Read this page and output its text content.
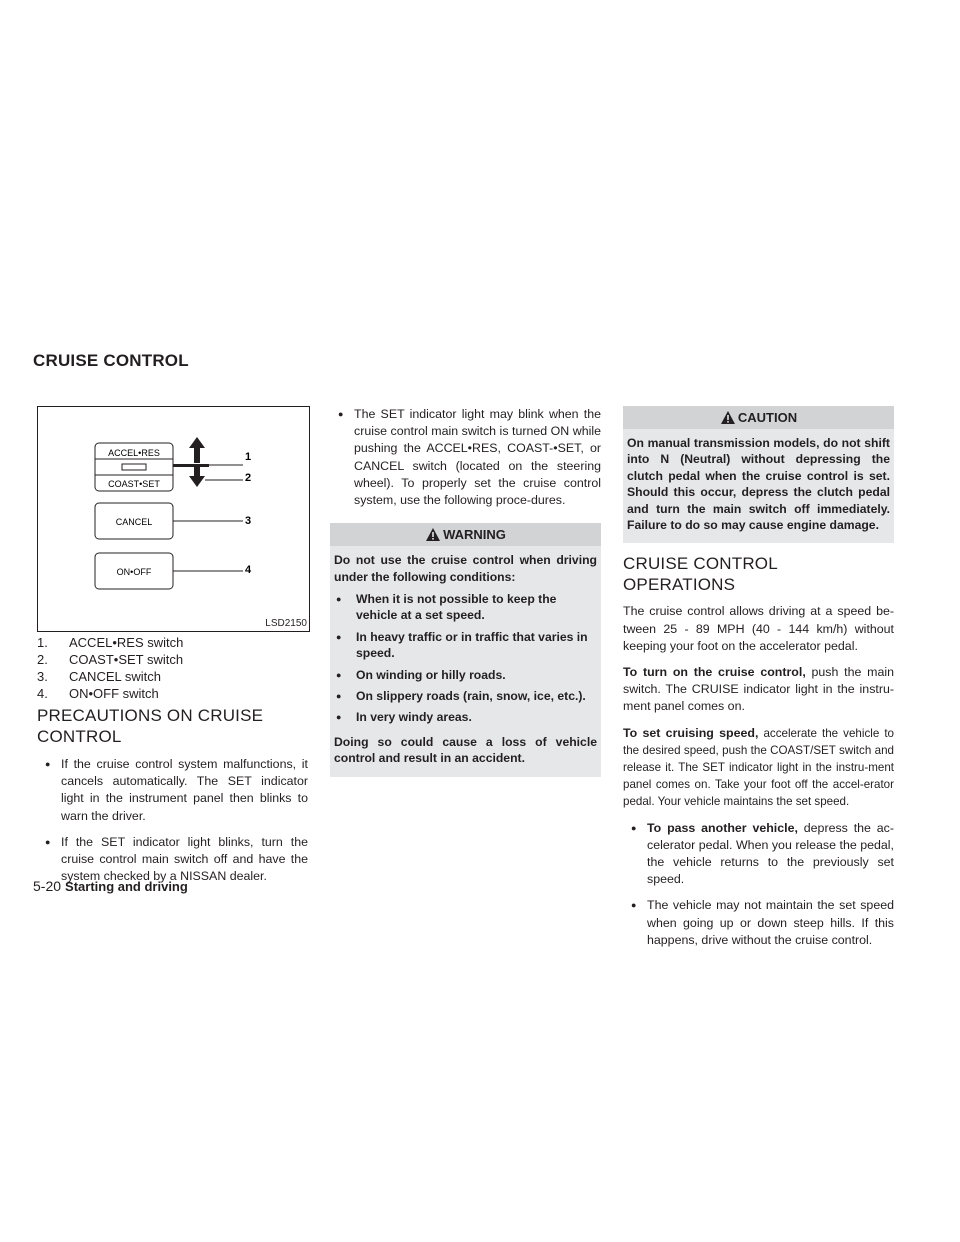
CRUISE CONTROL
ACCEL•RES
COAST•SET
1
2
CANCEL	3
ON•OFF	4
LSD2150
1. ACCEL•RES switch
2. COAST•SET switch
3. CANCEL switch
4. ON•OFF switch
PRECAUTIONS ON CRUISE CONTROL

● If the cruise control system malfunctions, it cancels automatically. The SET indicator light in the instrument panel then blinks to warn the driver.

● If the SET indicator light blinks, turn the cruise control main switch off and have the system checked by a NISSAN dealer.

● The SET indicator light may blink when the cruise control main switch is turned ON while pushing the ACCEL•RES, COAST-•SET, or CANCEL switch (located on the steering wheel). To properly set the cruise control system, use the following proce-dures.

WARNING

Do not use the cruise control when driving under the following conditions:

● When it is not possible to keep the vehicle at a set speed.
● In heavy traffic or in traffic that varies in speed.
● On winding or hilly roads.
● On slippery roads (rain, snow, ice, etc.).
● In very windy areas.

Doing so could cause a loss of vehicle control and result in an accident.

CAUTION

On manual transmission models, do not shift into N (Neutral) without depressing the clutch pedal when the cruise control is set. Should this occur, depress the clutch pedal and turn the main switch off immediately. Failure to do so may cause engine damage.

CRUISE CONTROL OPERATIONS

The cruise control allows driving at a speed be-tween 25 - 89 MPH (40 - 144 km/h) without keeping your foot on the accelerator pedal.

To turn on the cruise control, push the main switch. The CRUISE indicator light in the instru-ment panel comes on.

To set cruising speed, accelerate the vehicle to the desired speed, push the COAST/SET switch and release it. The SET indicator light in the instru-ment panel comes on. Take your foot off the accel-erator pedal. Your vehicle maintains the set speed.

● To pass another vehicle, depress the ac-celerator pedal. When you release the pedal, the vehicle returns to the previously set speed.

● The vehicle may not maintain the set speed when going up or down steep hills. If this happens, drive without the cruise control.

5-20 Starting and driving
